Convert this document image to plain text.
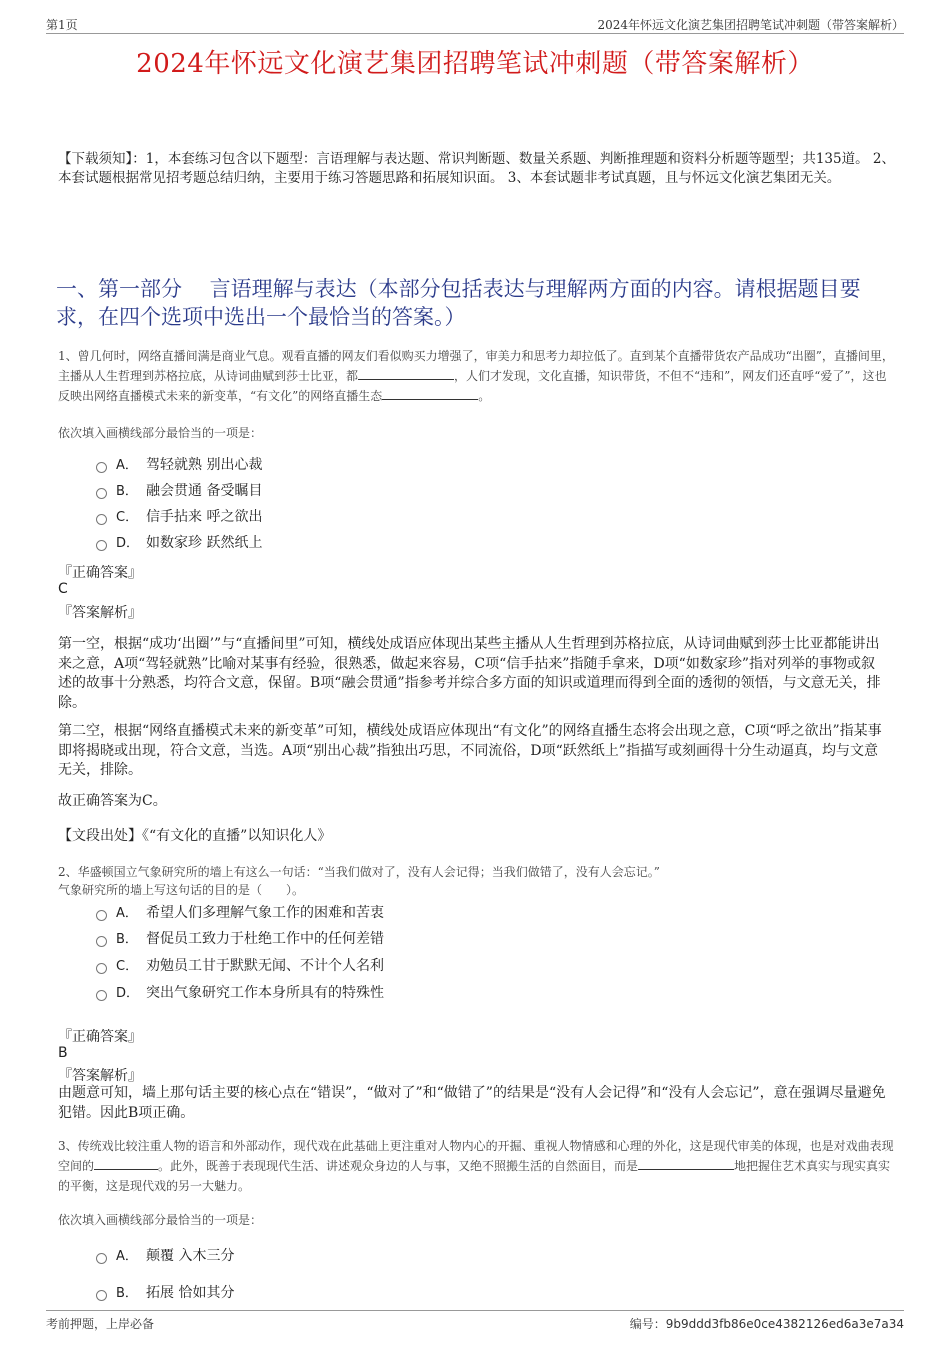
第1页	2024年怀远文化演艺集团招聘笔试冲刺题（带答案解析）
2024年怀远文化演艺集团招聘笔试冲刺题（带答案解析）
【下载须知】：1，本套练习包含以下题型：言语理解与表达题、常识判断题、数量关系题、判断推理题和资料分析题等题型；共135道。 2、本套试题根据常见招考题总结归纳，主要用于练习答题思路和拓展知识面。 3、本套试题非考试真题，且与怀远文化演艺集团无关。
一、第一部分　 言语理解与表达（本部分包括表达与理解两方面的内容。请根据题目要求，在四个选项中选出一个最恰当的答案。）
1、曾几何时，网络直播间满是商业气息。观看直播的网友们看似购买力增强了，审美力和思考力却拉低了。直到某个直播带货农产品成功“出圈”，直播间里，主播从人生哲理到苏格拉底，从诗词曲赋到莎士比亚，都	，人们才发现，文化直播，知识带货，不但不“违和”，网友们还直呼“爱了”，这也反映出网络直播模式未来的新变革，“有文化”的网络直播生态	。
依次填入画横线部分最恰当的一项是：
A． 驾轻就熟 别出心裁
B． 融会贯通 备受瞩目
C． 信手拈来 呼之欲出
D． 如数家珍 跃然纸上
『正确答案』
C
『答案解析』
第一空，根据“成功‘出圈’”与“直播间里”可知，横线处成语应体现出某些主播从人生哲理到苏格拉底，从诗词曲赋到莎士比亚都能讲出来之意，A项“驾轻就熟”比喻对某事有经验，很熟悉，做起来容易，C项“信手拈来”指随手拿来，D项“如数家珍”指对列举的事物或叙述的故事十分熟悉，均符合文意，保留。B项“融会贯通”指参考并综合多方面的知识或道理而得到全面的透彻的领悟，与文意无关，排除。
第二空，根据“网络直播模式未来的新变革”可知，横线处成语应体现出“有文化”的网络直播生态将会出现之意，C项“呼之欲出”指某事即将揭晓或出现，符合文意，当选。A项“别出心裁”指独出巧思，不同流俗，D项“跃然纸上”指描写或刻画得十分生动逼真，均与文意无关，排除。
故正确答案为C。
【文段出处】《“有文化的直播”以知识化人》
2、华盛顿国立气象研究所的墙上有这么一句话：“当我们做对了，没有人会记得；当我们做错了，没有人会忘记。”
气象研究所的墙上写这句话的目的是（　　）。
A． 希望人们多理解气象工作的困难和苦衷
B． 督促员工致力于杜绝工作中的任何差错
C． 劝勉员工甘于默默无闻、不计个人名利
D． 突出气象研究工作本身所具有的特殊性
『正确答案』
B
『答案解析』
由题意可知，墙上那句话主要的核心点在“错误”，“做对了”和“做错了”的结果是“没有人会记得”和“没有人会忘记”，意在强调尽量避免犯错。因此B项正确。
3、传统戏比较注重人物的语言和外部动作，现代戏在此基础上更注重对人物内心的开掘、重视人物情感和心理的外化，这是现代审美的体现，也是对戏曲表现空间的	。此外，既善于表现现代生活、讲述观众身边的人与事，又绝不照搬生活的自然面目，而是	地把握住艺术真实与现实真实的平衡，这是现代戏的另一大魅力。
依次填入画横线部分最恰当的一项是：
A． 颠覆 入木三分
B． 拓展 恰如其分
考前押题，上岸必备	编号：9b9ddd3fb86e0ce4382126ed6a3e7a34
